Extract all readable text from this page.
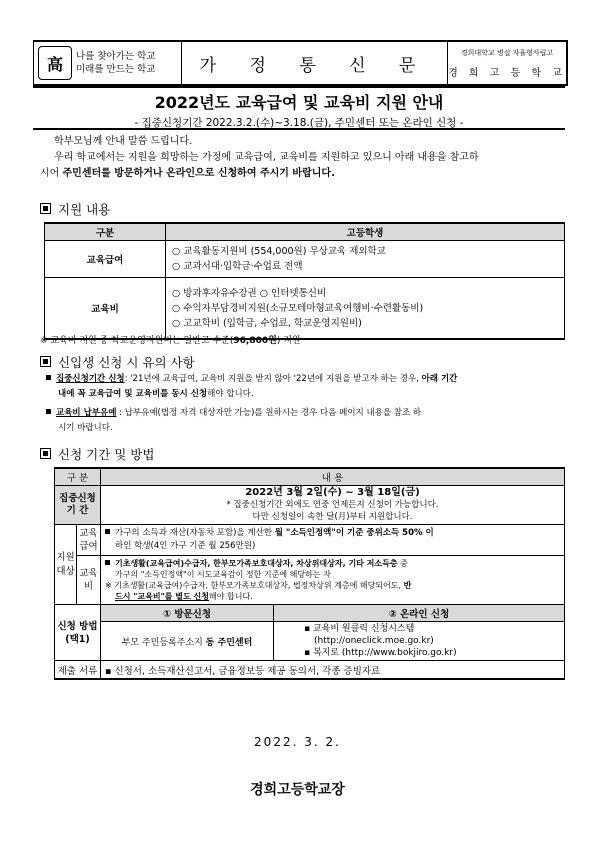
高	나를 찾아가는 학교
미래를 만드는 학교	가 정 통 신 문
경희대학교 병설 자율형사립고
경 희 고 등 학 교
2022년도 교육급여 및 교육비 지원 안내
- 집중신청기간 2022.3.2.(수)~3.18.(금), 주민센터 또는 온라인 신청 -
학부모님께 안내 말씀 드립니다.
우리 학교에서는 지원을 희망하는 가정에 교육급여, 교육비를 지원하고 있으니 아래 내용을 참고하
시어 주민센터를 방문하거나 온라인으로 신청하여 주시기 바랍니다.
지원 내용
구분	고등학생
교육급여	○ 교육활동지원비 (554,000원) 무상교육 제외학교
○ 교과서대·입학금·수업료 전액

교육비	○ 방과후자유수강권 ○ 인터넷통신비
○ 수익자부담경비지원(소규모테마형교육여행비·수련활동비)
○ 고교학비 (입학금, 수업료, 학교운영지원비)
※ 교육비 지원 중 학교운영지원비는 일반고 수준(96,800원) 지원
신입생 신청 시 유의 사항
집중신청기간 신청: '21년에 교육급여, 교육비 지원을 받지 않아 '22년에 지원을 받고자 하는 경우, 아래 기간
내에 꼭 교육급여 및 교육비를 동시 신청해야 합니다.
교육비 납부유예 : 납부유예(법정 자격 대상자만 가능)를 원하시는 경우 다음 페이지 내용을 참조 하
시기 바랍니다.
신청 기간 및 방법
구 분		내 용	
집중신청 기 간		2022년 3월 2일(수) ~ 3월 18일(금)
* 집중신청기간 외에도 연중 언제든지 신청이 가능합니다.
다만 신청일이 속한 달(月)부터 지원합니다.	

지원 대상	교육 급여	가구의 소득과 재산(자동차 포함)을 계산한 월 "소득인정액"이 기준 중위소득 50% 이
하인 학생(4인 가구 기준 월 256만원)	
	교육 비	기초생활(교육급여)수급자, 한부모가족보호대상자, 차상위대상자, 기타 저소득층 중
가구의 "소득인정액"이 시도교육감이 정한 기준에 해당하는 자
※ 기초생활(교육급여)수급자, 한부모가족보호대상자, 법정차상위 계층에 해당되어도, 반
드시 "교육비"를 별도 신청해야 합니다.	
신청 방법 (택1)		① 방문신청	② 온라인 신청
		부모 주민등록주소지 동 주민센터	▪ 교육비 원클릭 신청시스템
(http://oneclick.moe.go.kr)
▪ 복지로 (http://www.bokjiro.go.kr)

제출 서류		▪ 신청서, 소득재산신고서, 금융정보등 제공 동의서, 각종 증빙자료	
2022. 3. 2.
경희고등학교장
